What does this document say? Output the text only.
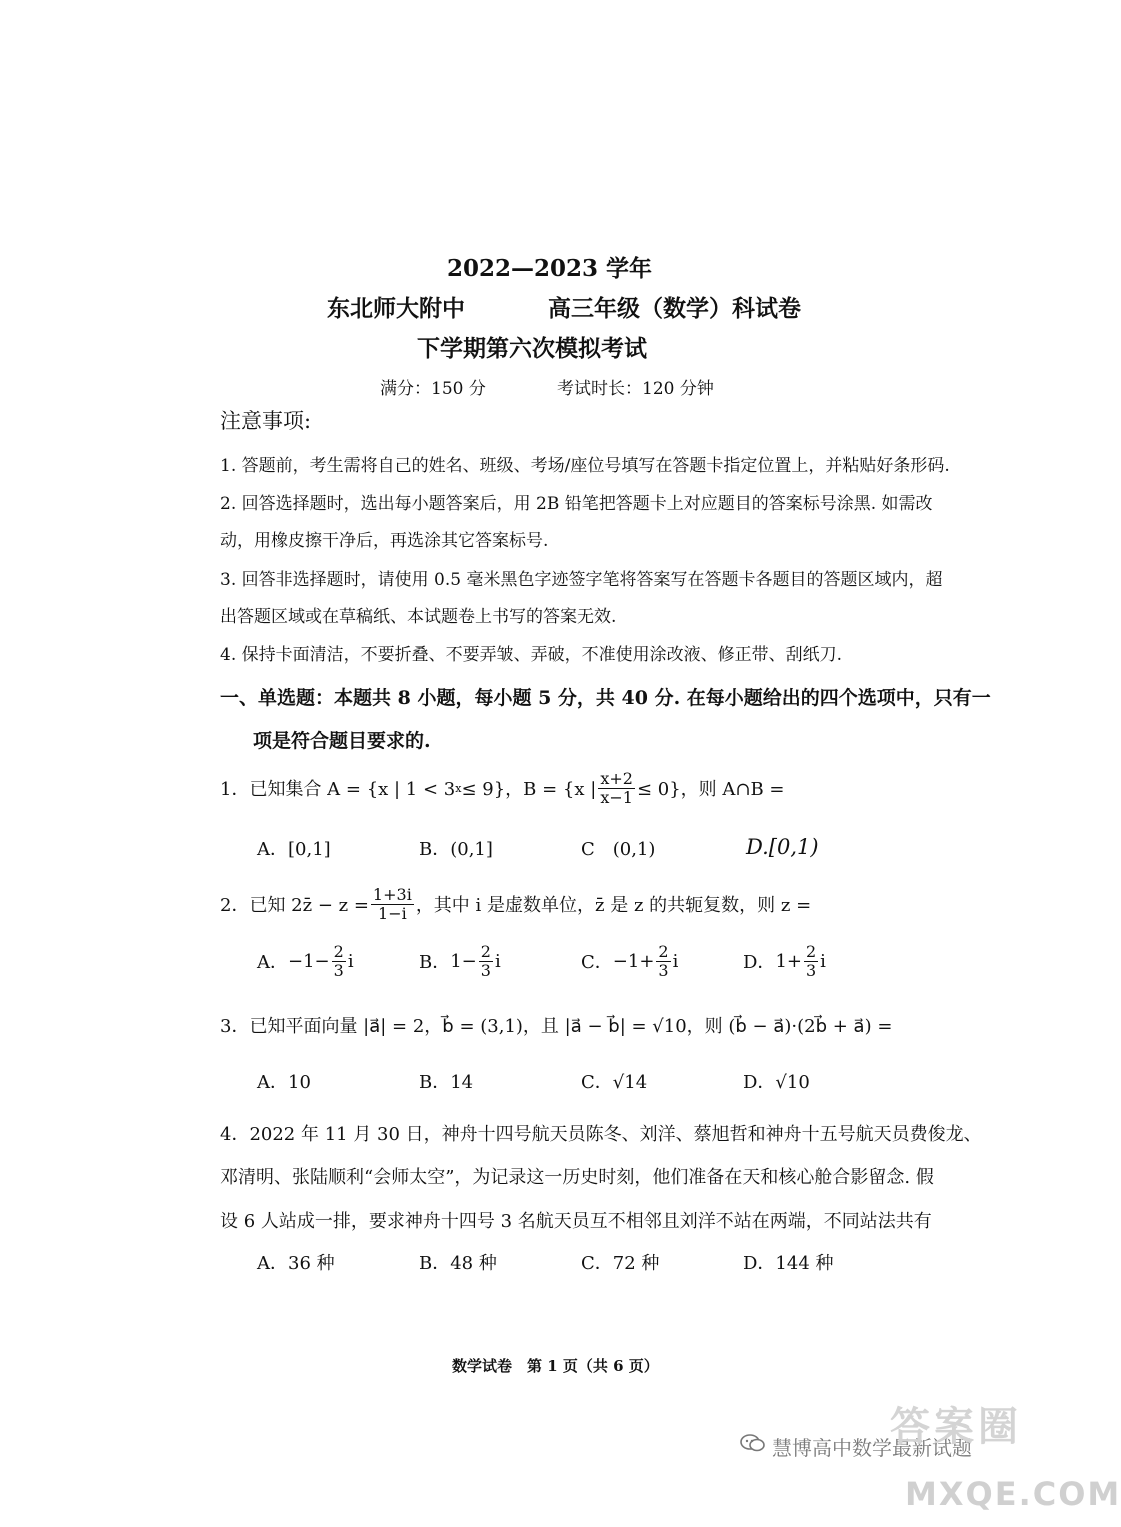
2022—2023 学年
东北师大附中	高三年级（数学）科试卷
下学期第六次模拟考试
满分：150 分	考试时长：120 分钟
注意事项:
1. 答题前，考生需将自己的姓名、班级、考场/座位号填写在答题卡指定位置上，并粘贴好条形码.
2. 回答选择题时，选出每小题答案后，用 2B 铅笔把答题卡上对应题目的答案标号涂黑. 如需改
动，用橡皮擦干净后，再选涂其它答案标号.
3. 回答非选择题时，请使用 0.5 毫米黑色字迹签字笔将答案写在答题卡各题目的答题区域内，超
出答题区域或在草稿纸、本试题卷上书写的答案无效.
4. 保持卡面清洁，不要折叠、不要弄皱、弄破，不准使用涂改液、修正带、刮纸刀.
一、单选题：本题共 8 小题，每小题 5 分，共 40 分. 在每小题给出的四个选项中，只有一
项是符合题目要求的.
1．已知集合 A = {x | 1 < 3 x ≤ 9}，B = {x | $\frac{x+2}{x-1} \le 0$}，则 A∩B =
A．[0,1]	B．(0,1]	C　(0,1)	D.[0,1)
2．已知 2z̄ − $z = \frac{1+3i}{1-i}$ ，其中 i 是虚数单位，z̄ 是 z 的共轭复数，则 z =
A． $-1- \frac{2}{3}$ i	B． $1- \frac{2}{3}$ i	C． $-1+ \frac{2}{3}$ i	D． $1+ \frac{2}{3}$ i
3．已知平面向量 |a⃗| = 2，b⃗ = (3,1)，且 |a⃗ − b⃗| = √10，则 (b⃗ − a⃗)·(2b⃗ + a⃗) =
A．10	B．14	C．√14	D．√10
4．2022 年 11 月 30 日，神舟十四号航天员陈冬、刘洋、蔡旭哲和神舟十五号航天员费俊龙、
邓清明、张陆顺利“会师太空”，为记录这一历史时刻，他们准备在天和核心舱合影留念. 假
设 6 人站成一排，要求神舟十四号 3 名航天员互不相邻且刘洋不站在两端，不同站法共有
A．36 种	B．48 种	C．72 种	D．144 种
数学试卷　第 1 页（共 6 页）
慧博高中数学最新试题
答案圈
MXQE.COM
